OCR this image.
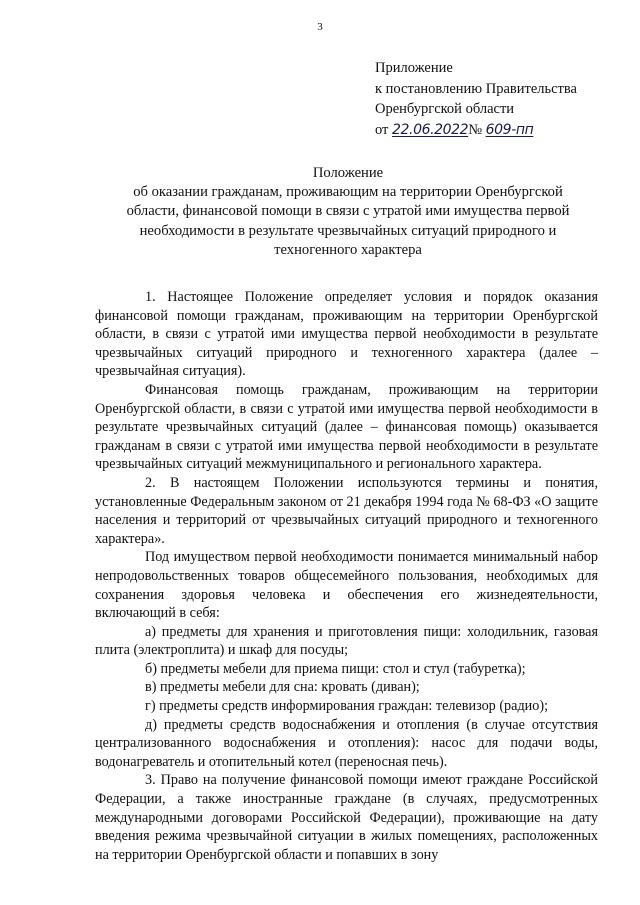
3
Приложение
к постановлению Правительства
Оренбургской области
от 22.06.2022№ 609-пп
Положение
об оказании гражданам, проживающим на территории Оренбургской
области, финансовой помощи в связи с утратой ими имущества первой
необходимости в результате чрезвычайных ситуаций природного и
техногенного характера

1. Настоящее Положение определяет условия и порядок оказания финансовой помощи гражданам, проживающим на территории Оренбургской области, в связи с утратой ими имущества первой необходимости в результате чрезвычайных ситуаций природного и техногенного характера (далее – чрезвычайная ситуация).

Финансовая помощь гражданам, проживающим на территории Оренбургской области, в связи с утратой ими имущества первой необходимости в результате чрезвычайных ситуаций (далее – финансовая помощь) оказывается гражданам в связи с утратой ими имущества первой необходимости в результате чрезвычайных ситуаций межмуниципального и регионального характера.

2. В настоящем Положении используются термины и понятия, установленные Федеральным законом от 21 декабря 1994 года № 68-ФЗ «О защите населения и территорий от чрезвычайных ситуаций природного и техногенного характера».

Под имуществом первой необходимости понимается минимальный набор непродовольственных товаров общесемейного пользования, необходимых для сохранения здоровья человека и обеспечения его жизнедеятельности, включающий в себя:

а) предметы для хранения и приготовления пищи: холодильник, газовая плита (электроплита) и шкаф для посуды;

б) предметы мебели для приема пищи: стол и стул (табуретка);

в) предметы мебели для сна: кровать (диван);

г) предметы средств информирования граждан: телевизор (радио);

д) предметы средств водоснабжения и отопления (в случае отсутствия централизованного водоснабжения и отопления): насос для подачи воды, водонагреватель и отопительный котел (переносная печь).

3. Право на получение финансовой помощи имеют граждане Российской Федерации, а также иностранные граждане (в случаях, предусмотренных международными договорами Российской Федерации), проживающие на дату введения режима чрезвычайной ситуации в жилых помещениях, расположенных на территории Оренбургской области и попавших в зону
